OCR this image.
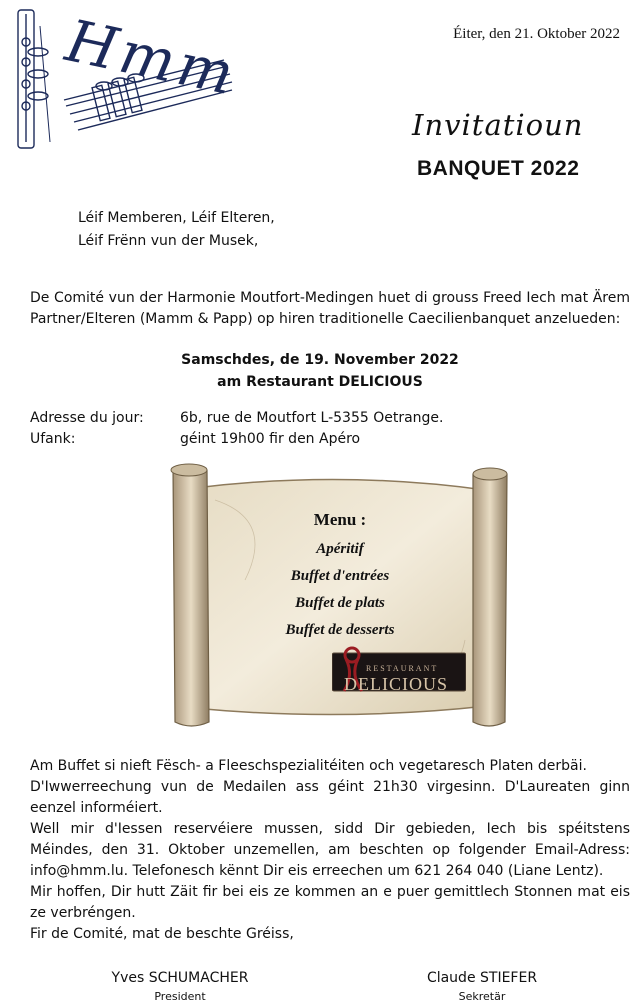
Hmm	Éiter, den 21. Oktober 2022
Invitatioun
BANQUET 2022
Léif Memberen, Léif Elteren,
Léif Frënn vun der Musek,
De Comité vun der Harmonie Moutfort-Medingen huet di grouss Freed Iech mat Ärem Partner/Elteren (Mamm & Papp) op hiren traditionelle Caecilienbanquet anzelueden:
Samschdes, de 19. November 2022
am Restaurant DELICIOUS
Adresse du jour:	6b, rue de Moutfort L-5355 Oetrange.
Ufank:	géint 19h00 fir den Apéro
Menu :
Apéritif
Buffet d'entrées
Buffet de plats
Buffet de desserts
RESTAURANT
DELICIOUS
Am Buffet si nieft Fësch- a Fleeschspezialitéiten och vegetaresch Platen derbäi.
D'Iwwerreechung vun de Medailen ass géint 21h30 virgesinn. D'Laureaten ginn eenzel informéiert.
Well mir d'Iessen reservéiere mussen, sidd Dir gebieden, Iech bis spéitstens Méindes, den 31. Oktober unzemellen, am beschten op folgender Email-Adress: info@hmm.lu. Telefonesch kënnt Dir eis erreechen um 621 264 040 (Liane Lentz).
Mir hoffen, Dir hutt Zäit fir bei eis ze kommen an e puer gemittlech Stonnen mat eis ze verbréngen.
Fir de Comité, mat de beschte Gréiss,
Yves SCHUMACHER
President
Claude STIEFER
Sekretär
